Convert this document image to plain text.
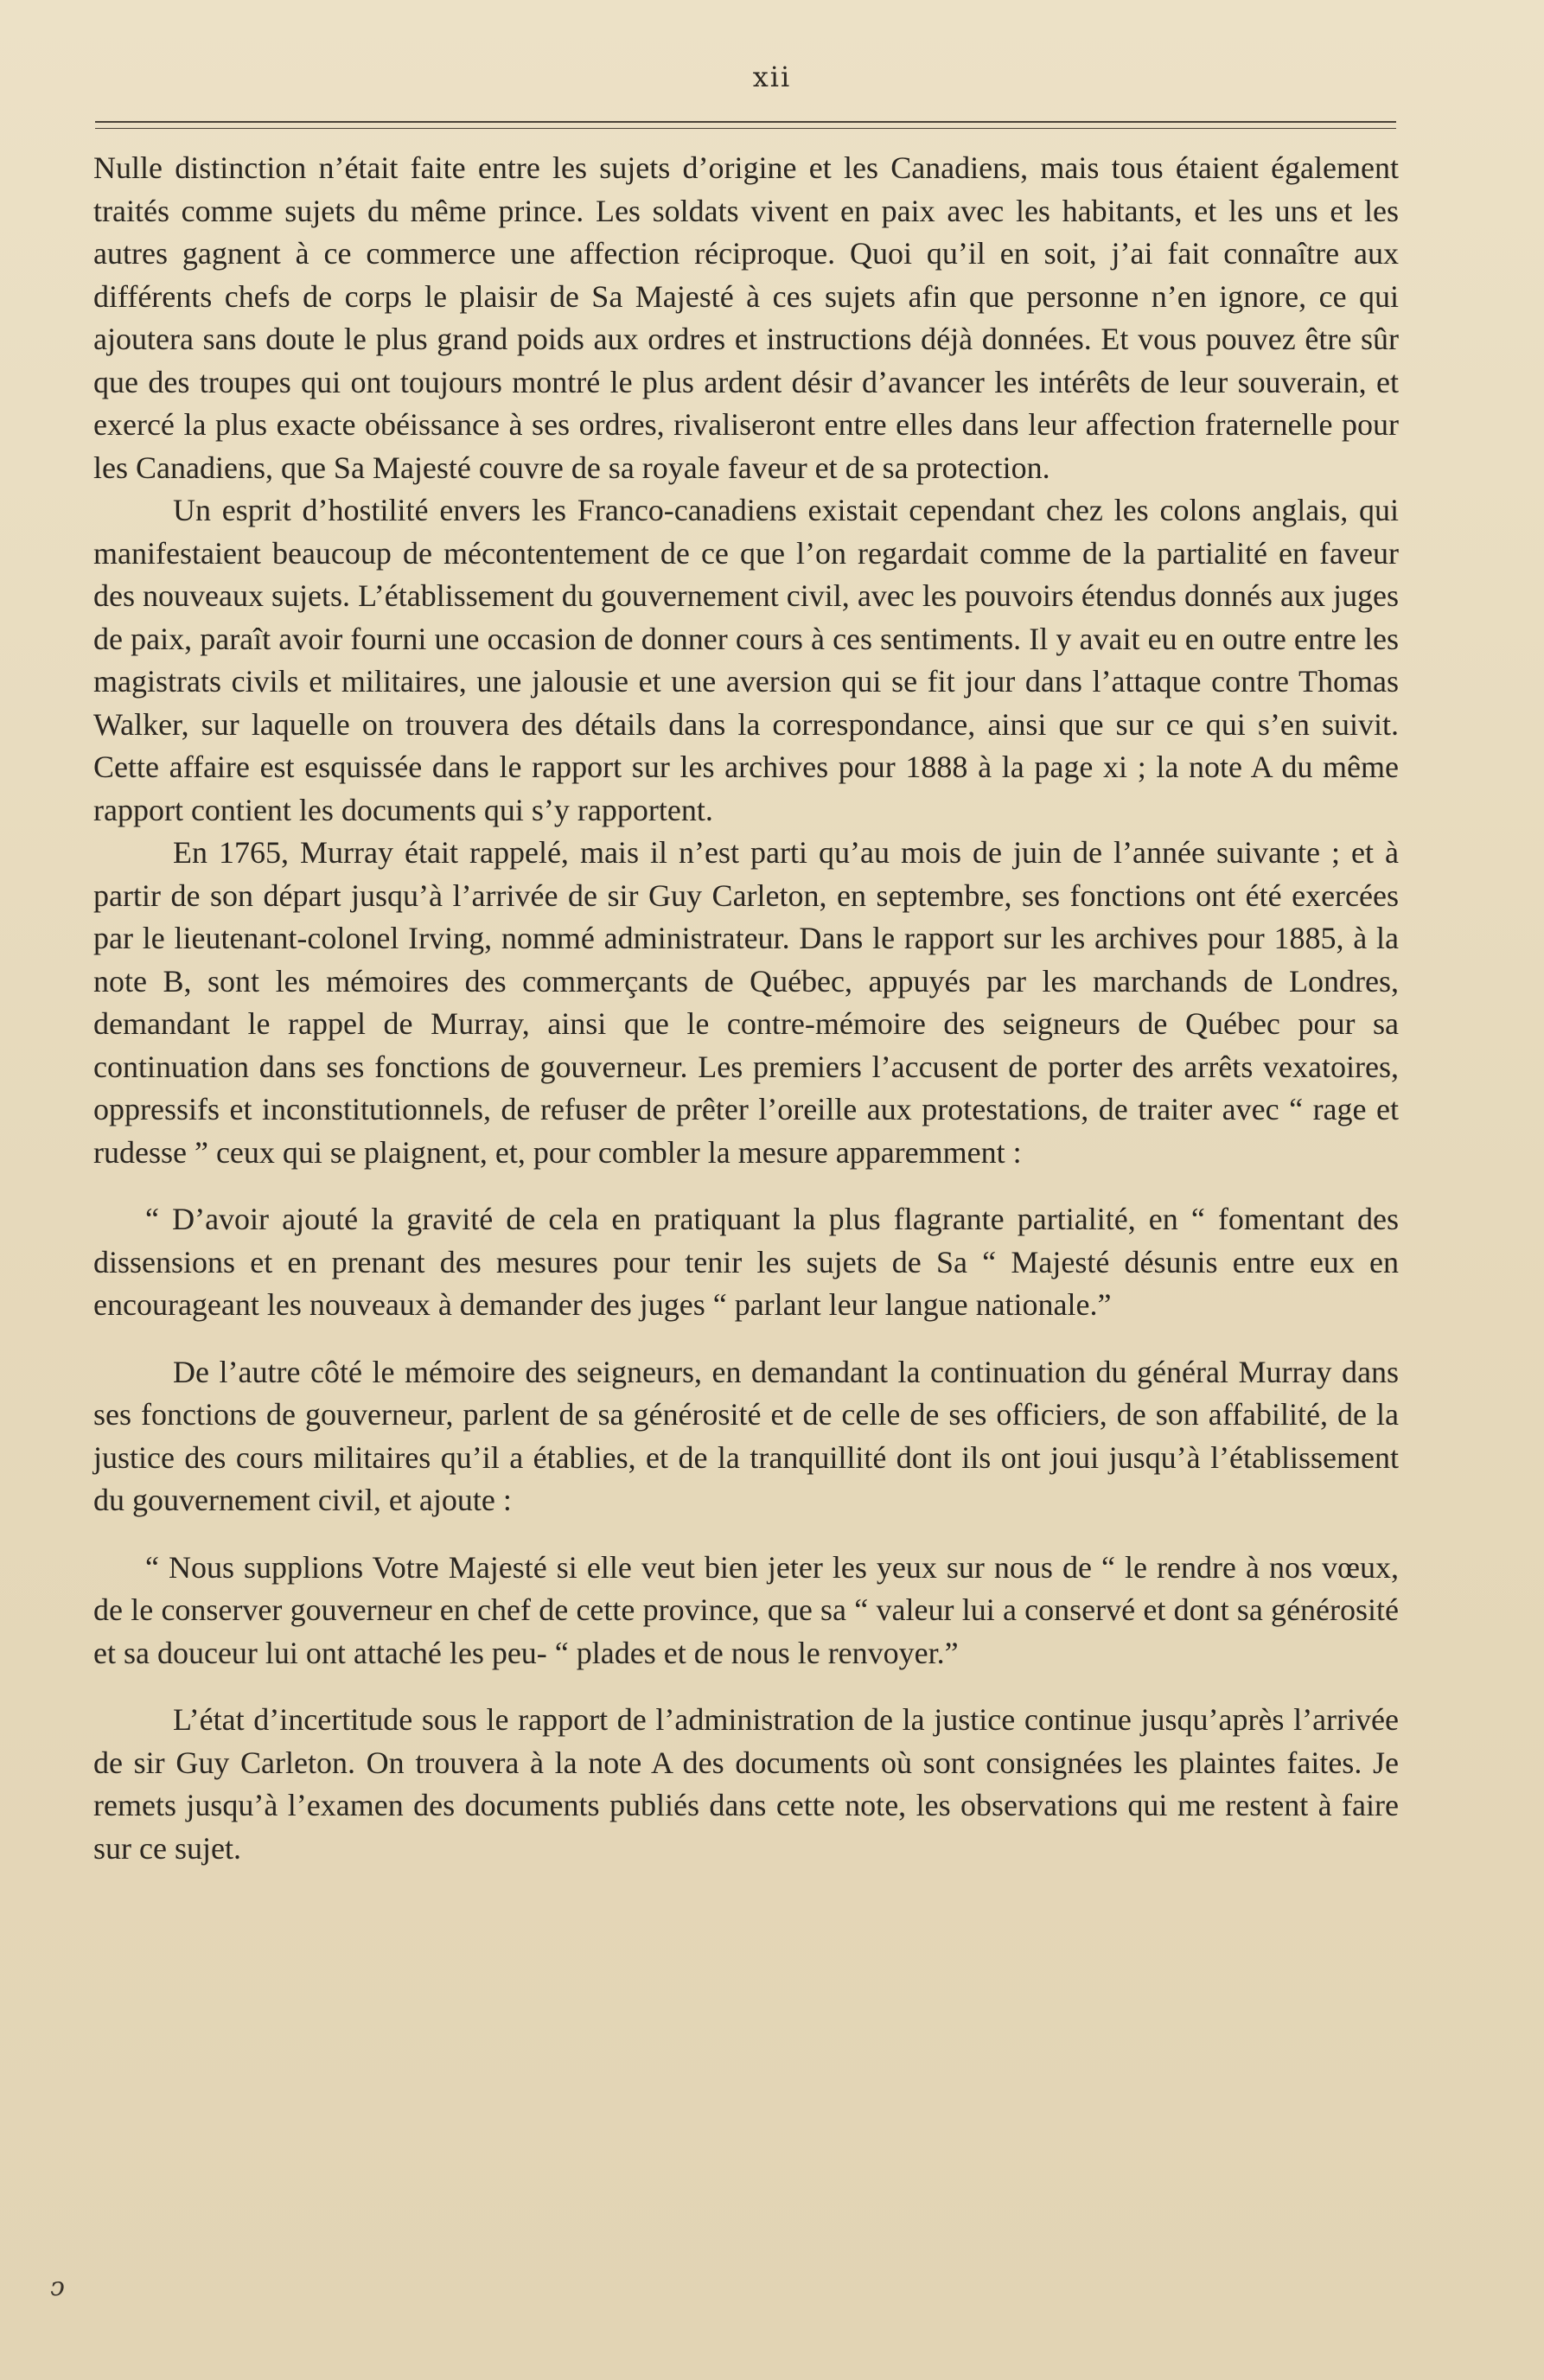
xii

Nulle distinction n’était faite entre les sujets d’origine et les Canadiens, mais tous étaient également traités comme sujets du même prince. Les soldats vivent en paix avec les habitants, et les uns et les autres gagnent à ce commerce une affection réciproque. Quoi qu’il en soit, j’ai fait connaître aux différents chefs de corps le plaisir de Sa Majesté à ces sujets afin que personne n’en ignore, ce qui ajoutera sans doute le plus grand poids aux ordres et instructions déjà données. Et vous pouvez être sûr que des troupes qui ont toujours montré le plus ardent désir d’avancer les intérêts de leur souverain, et exercé la plus exacte obéissance à ses ordres, rivaliseront entre elles dans leur affection fraternelle pour les Canadiens, que Sa Majesté couvre de sa royale faveur et de sa protection.

Un esprit d’hostilité envers les Franco-canadiens existait cependant chez les colons anglais, qui manifestaient beaucoup de mécontentement de ce que l’on regardait comme de la partialité en faveur des nouveaux sujets. L’établissement du gouvernement civil, avec les pouvoirs étendus donnés aux juges de paix, paraît avoir fourni une occasion de donner cours à ces sentiments. Il y avait eu en outre entre les magistrats civils et militaires, une jalousie et une aversion qui se fit jour dans l’attaque contre Thomas Walker, sur laquelle on trouvera des détails dans la correspondance, ainsi que sur ce qui s’en suivit. Cette affaire est esquissée dans le rapport sur les archives pour 1888 à la page xi ; la note A du même rapport contient les documents qui s’y rapportent.

En 1765, Murray était rappelé, mais il n’est parti qu’au mois de juin de l’année suivante ; et à partir de son départ jusqu’à l’arrivée de sir Guy Carleton, en septembre, ses fonctions ont été exercées par le lieutenant-colonel Irving, nommé administrateur. Dans le rapport sur les archives pour 1885, à la note B, sont les mémoires des commerçants de Québec, appuyés par les marchands de Londres, demandant le rappel de Murray, ainsi que le contre-mémoire des seigneurs de Québec pour sa continuation dans ses fonctions de gouverneur. Les premiers l’accusent de porter des arrêts vexatoires, oppressifs et inconstitutionnels, de refuser de prêter l’oreille aux protestations, de traiter avec “ rage et rudesse ” ceux qui se plaignent, et, pour combler la mesure apparemment :

“ D’avoir ajouté la gravité de cela en pratiquant la plus flagrante partialité, en “ fomentant des dissensions et en prenant des mesures pour tenir les sujets de Sa “ Majesté désunis entre eux en encourageant les nouveaux à demander des juges “ parlant leur langue nationale.”

De l’autre côté le mémoire des seigneurs, en demandant la continuation du général Murray dans ses fonctions de gouverneur, parlent de sa générosité et de celle de ses officiers, de son affabilité, de la justice des cours militaires qu’il a établies, et de la tranquillité dont ils ont joui jusqu’à l’établissement du gouvernement civil, et ajoute :

“ Nous supplions Votre Majesté si elle veut bien jeter les yeux sur nous de “ le rendre à nos vœux, de le conserver gouverneur en chef de cette province, que sa “ valeur lui a conservé et dont sa générosité et sa douceur lui ont attaché les peu- “ plades et de nous le renvoyer.”

L’état d’incertitude sous le rapport de l’administration de la justice continue jusqu’après l’arrivée de sir Guy Carleton. On trouvera à la note A des documents où sont consignées les plaintes faites. Je remets jusqu’à l’examen des documents publiés dans cette note, les observations qui me restent à faire sur ce sujet.

ↄ
